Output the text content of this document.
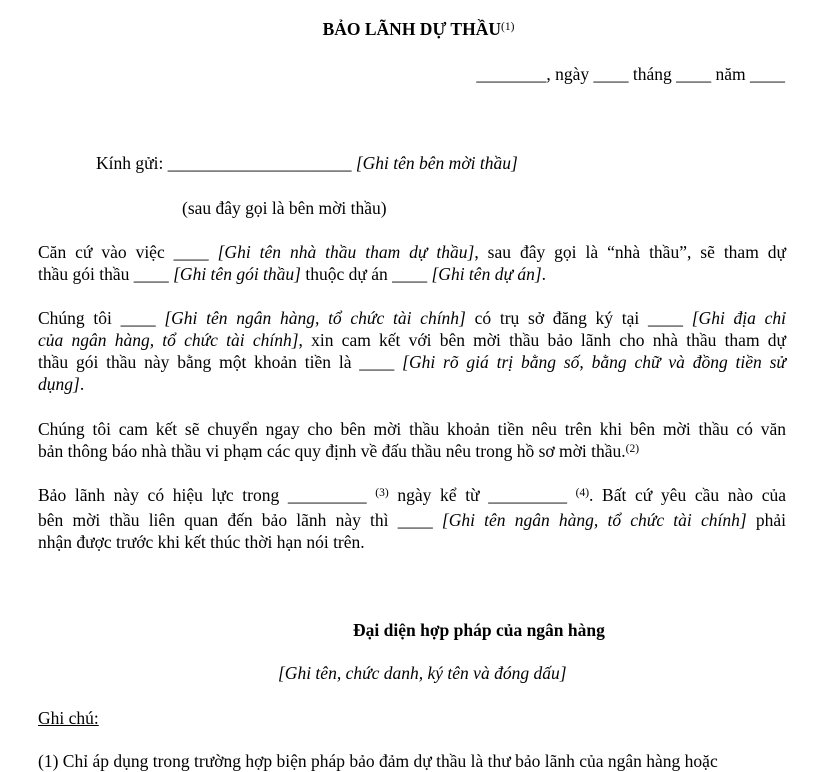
BẢO LÃNH DỰ THẦU$^{(1)}$
________, ngày ____ tháng ____ năm ____
Kính gửi: _____________________ [Ghi tên bên mời thầu]
(sau đây gọi là bên mời thầu)
Căn cứ vào việc ____ [Ghi tên nhà thầu tham dự thầu], sau đây gọi là “nhà thầu”, sẽ tham dự
thầu gói thầu ____ [Ghi tên gói thầu] thuộc dự án ____ [Ghi tên dự án].
Chúng tôi ____ [Ghi tên ngân hàng, tổ chức tài chính] có trụ sở đăng ký tại ____ [Ghi địa chỉ
của ngân hàng, tổ chức tài chính], xin cam kết với bên mời thầu bảo lãnh cho nhà thầu tham dự
thầu gói thầu này bằng một khoản tiền là ____ [Ghi rõ giá trị bằng số, bằng chữ và đồng tiền sử
dụng].
Chúng tôi cam kết sẽ chuyển ngay cho bên mời thầu khoản tiền nêu trên khi bên mời thầu có văn
bản thông báo nhà thầu vi phạm các quy định về đấu thầu nêu trong hồ sơ mời thầu.$^{(2)}$
Bảo lãnh này có hiệu lực trong _________ $^{(3)}$ ngày kể từ _________ $^{(4)}$. Bất cứ yêu cầu nào của
bên mời thầu liên quan đến bảo lãnh này thì ____ [Ghi tên ngân hàng, tổ chức tài chính] phải
nhận được trước khi kết thúc thời hạn nói trên.
Đại diện hợp pháp của ngân hàng
[Ghi tên, chức danh, ký tên và đóng dấu]
Ghi chú:
(1) Chỉ áp dụng trong trường hợp biện pháp bảo đảm dự thầu là thư bảo lãnh của ngân hàng hoặc
